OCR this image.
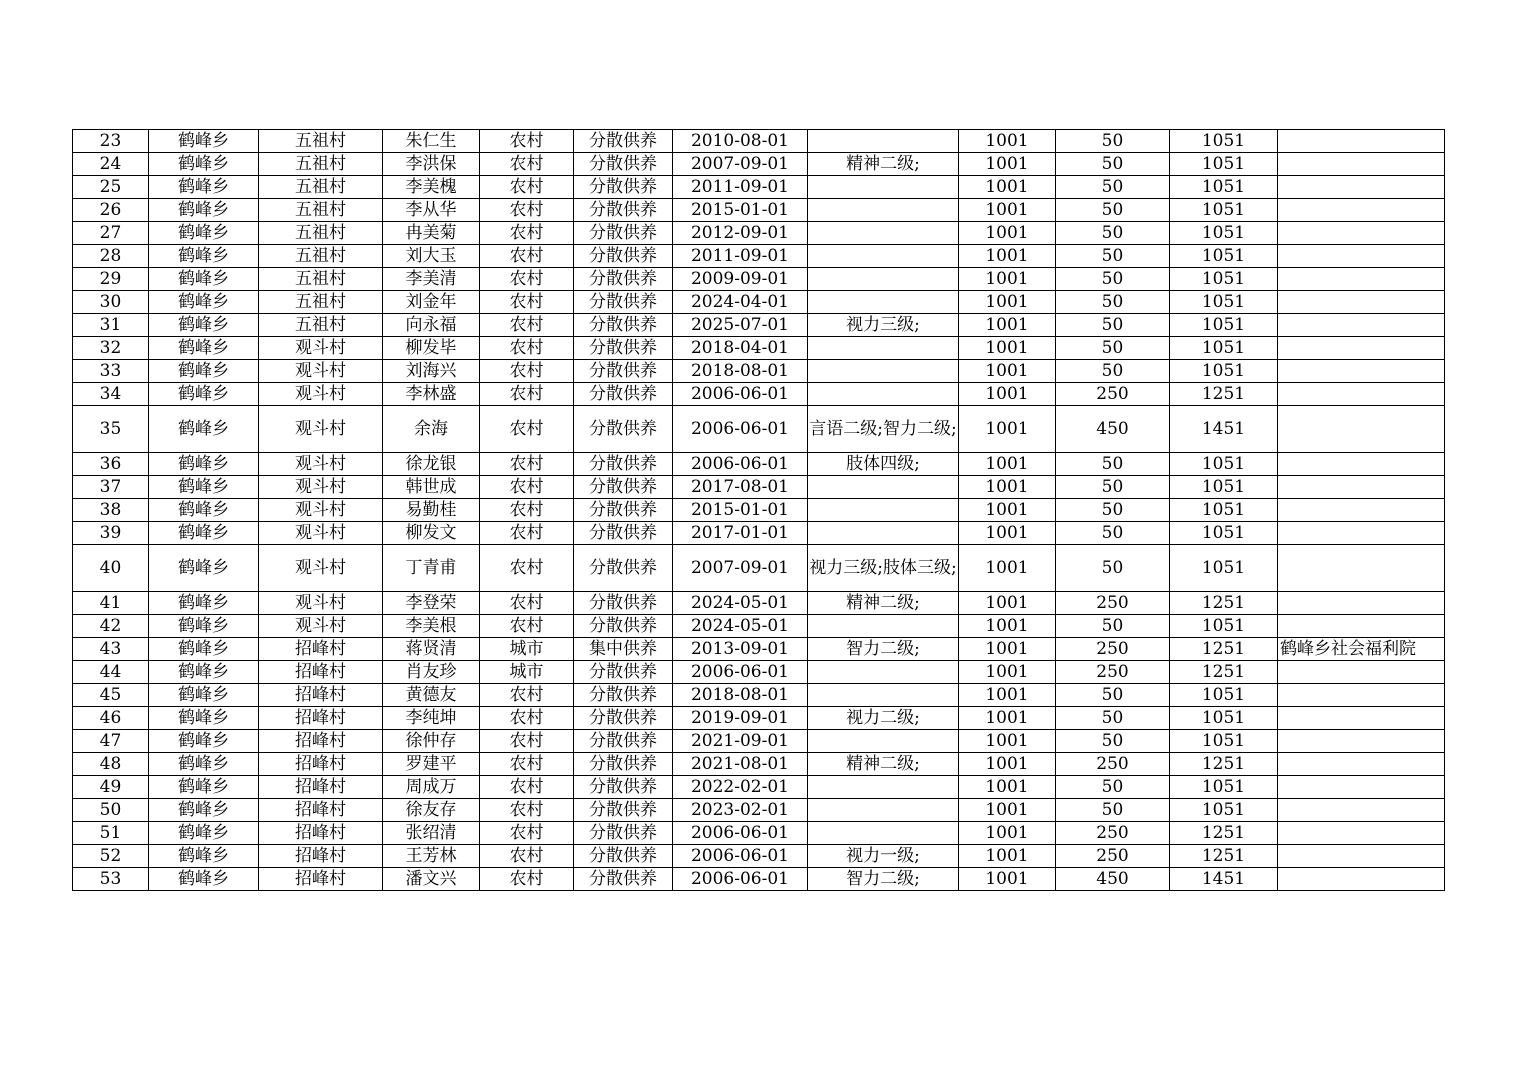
23	鹤峰乡	五祖村	朱仁生	农村	分散供养	2010-08-01		1001	50	1051	
24	鹤峰乡	五祖村	李洪保	农村	分散供养	2007-09-01	精神二级;	1001	50	1051	
25	鹤峰乡	五祖村	李美槐	农村	分散供养	2011-09-01		1001	50	1051	
26	鹤峰乡	五祖村	李从华	农村	分散供养	2015-01-01		1001	50	1051	
27	鹤峰乡	五祖村	冉美菊	农村	分散供养	2012-09-01		1001	50	1051	
28	鹤峰乡	五祖村	刘大玉	农村	分散供养	2011-09-01		1001	50	1051	
29	鹤峰乡	五祖村	李美清	农村	分散供养	2009-09-01		1001	50	1051	
30	鹤峰乡	五祖村	刘金年	农村	分散供养	2024-04-01		1001	50	1051	
31	鹤峰乡	五祖村	向永福	农村	分散供养	2025-07-01	视力三级;	1001	50	1051	
32	鹤峰乡	观斗村	柳发毕	农村	分散供养	2018-04-01		1001	50	1051	
33	鹤峰乡	观斗村	刘海兴	农村	分散供养	2018-08-01		1001	50	1051	
34	鹤峰乡	观斗村	李林盛	农村	分散供养	2006-06-01		1001	250	1251	
35	鹤峰乡	观斗村	余海	农村	分散供养	2006-06-01	言语二级;智力二级;	1001	450	1451	
36	鹤峰乡	观斗村	徐龙银	农村	分散供养	2006-06-01	肢体四级;	1001	50	1051	
37	鹤峰乡	观斗村	韩世成	农村	分散供养	2017-08-01		1001	50	1051	
38	鹤峰乡	观斗村	易勤桂	农村	分散供养	2015-01-01		1001	50	1051	
39	鹤峰乡	观斗村	柳发文	农村	分散供养	2017-01-01		1001	50	1051	
40	鹤峰乡	观斗村	丁青甫	农村	分散供养	2007-09-01	视力三级;肢体三级;	1001	50	1051	
41	鹤峰乡	观斗村	李登荣	农村	分散供养	2024-05-01	精神二级;	1001	250	1251	
42	鹤峰乡	观斗村	李美根	农村	分散供养	2024-05-01		1001	50	1051	
43	鹤峰乡	招峰村	蒋贤清	城市	集中供养	2013-09-01	智力二级;	1001	250	1251	鹤峰乡社会福利院
44	鹤峰乡	招峰村	肖友珍	城市	分散供养	2006-06-01		1001	250	1251	
45	鹤峰乡	招峰村	黄德友	农村	分散供养	2018-08-01		1001	50	1051	
46	鹤峰乡	招峰村	李纯坤	农村	分散供养	2019-09-01	视力二级;	1001	50	1051	
47	鹤峰乡	招峰村	徐仲存	农村	分散供养	2021-09-01		1001	50	1051	
48	鹤峰乡	招峰村	罗建平	农村	分散供养	2021-08-01	精神二级;	1001	250	1251	
49	鹤峰乡	招峰村	周成万	农村	分散供养	2022-02-01		1001	50	1051	
50	鹤峰乡	招峰村	徐友存	农村	分散供养	2023-02-01		1001	50	1051	
51	鹤峰乡	招峰村	张绍清	农村	分散供养	2006-06-01		1001	250	1251	
52	鹤峰乡	招峰村	王芳林	农村	分散供养	2006-06-01	视力一级;	1001	250	1251	
53	鹤峰乡	招峰村	潘文兴	农村	分散供养	2006-06-01	智力二级;	1001	450	1451	
